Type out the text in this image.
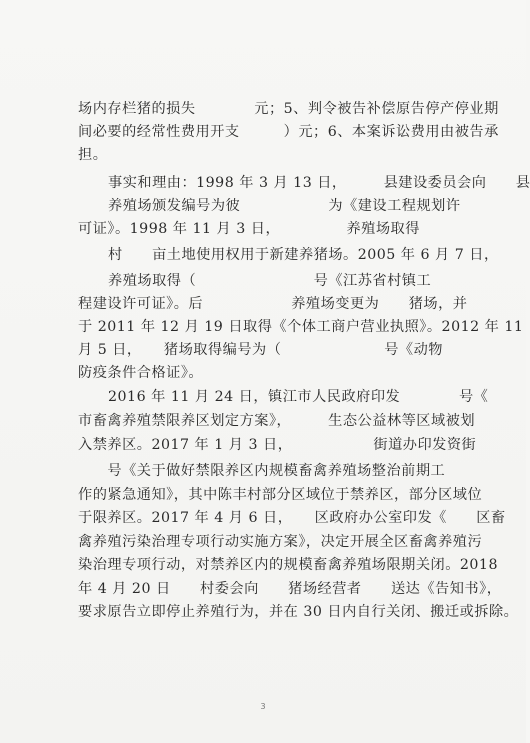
场内存栏猪的损失　　　　元；5、判令被告补偿原告停产停业期
间必要的经常性费用开支　　　）元；6、本案诉讼费用由被告承
担。
事实和理由：1998 年 3 月 13 日，　　　县建设委员会向　　县
养殖场颁发编号为彼　　　　　　为《建设工程规划许
可证》。1998 年 11 月 3 日，　　　　　养殖场取得
村　　亩土地使用权用于新建养猪场。2005 年 6 月 7 日，
养殖场取得（　　　　　　　　号《江苏省村镇工
程建设许可证》。后　　　　　　养殖场变更为　　猪场，并
于 2011 年 12 月 19 日取得《个体工商户营业执照》。2012 年 11
月 5 日，　　猪场取得编号为（　　　　　　　号《动物
防疫条件合格证》。
2016 年 11 月 24 日，镇江市人民政府印发　　　　号《
市畜禽养殖禁限养区划定方案》，　　　生态公益林等区域被划
入禁养区。2017 年 1 月 3 日，　　　　　　街道办印发资街
　　号《关于做好禁限养区内规模畜禽养殖场整治前期工
作的紧急通知》，其中陈丰村部分区域位于禁养区，部分区域位
于限养区。2017 年 4 月 6 日，　　区政府办公室印发《　　区畜
禽养殖污染治理专项行动实施方案》，决定开展全区畜禽养殖污
染治理专项行动，对禁养区内的规模畜禽养殖场限期关闭。2018
年 4 月 20 日　　村委会向　　猪场经营者　　送达《告知书》，
要求原告立即停止养殖行为，并在 30 日内自行关闭、搬迁或拆除。
3
